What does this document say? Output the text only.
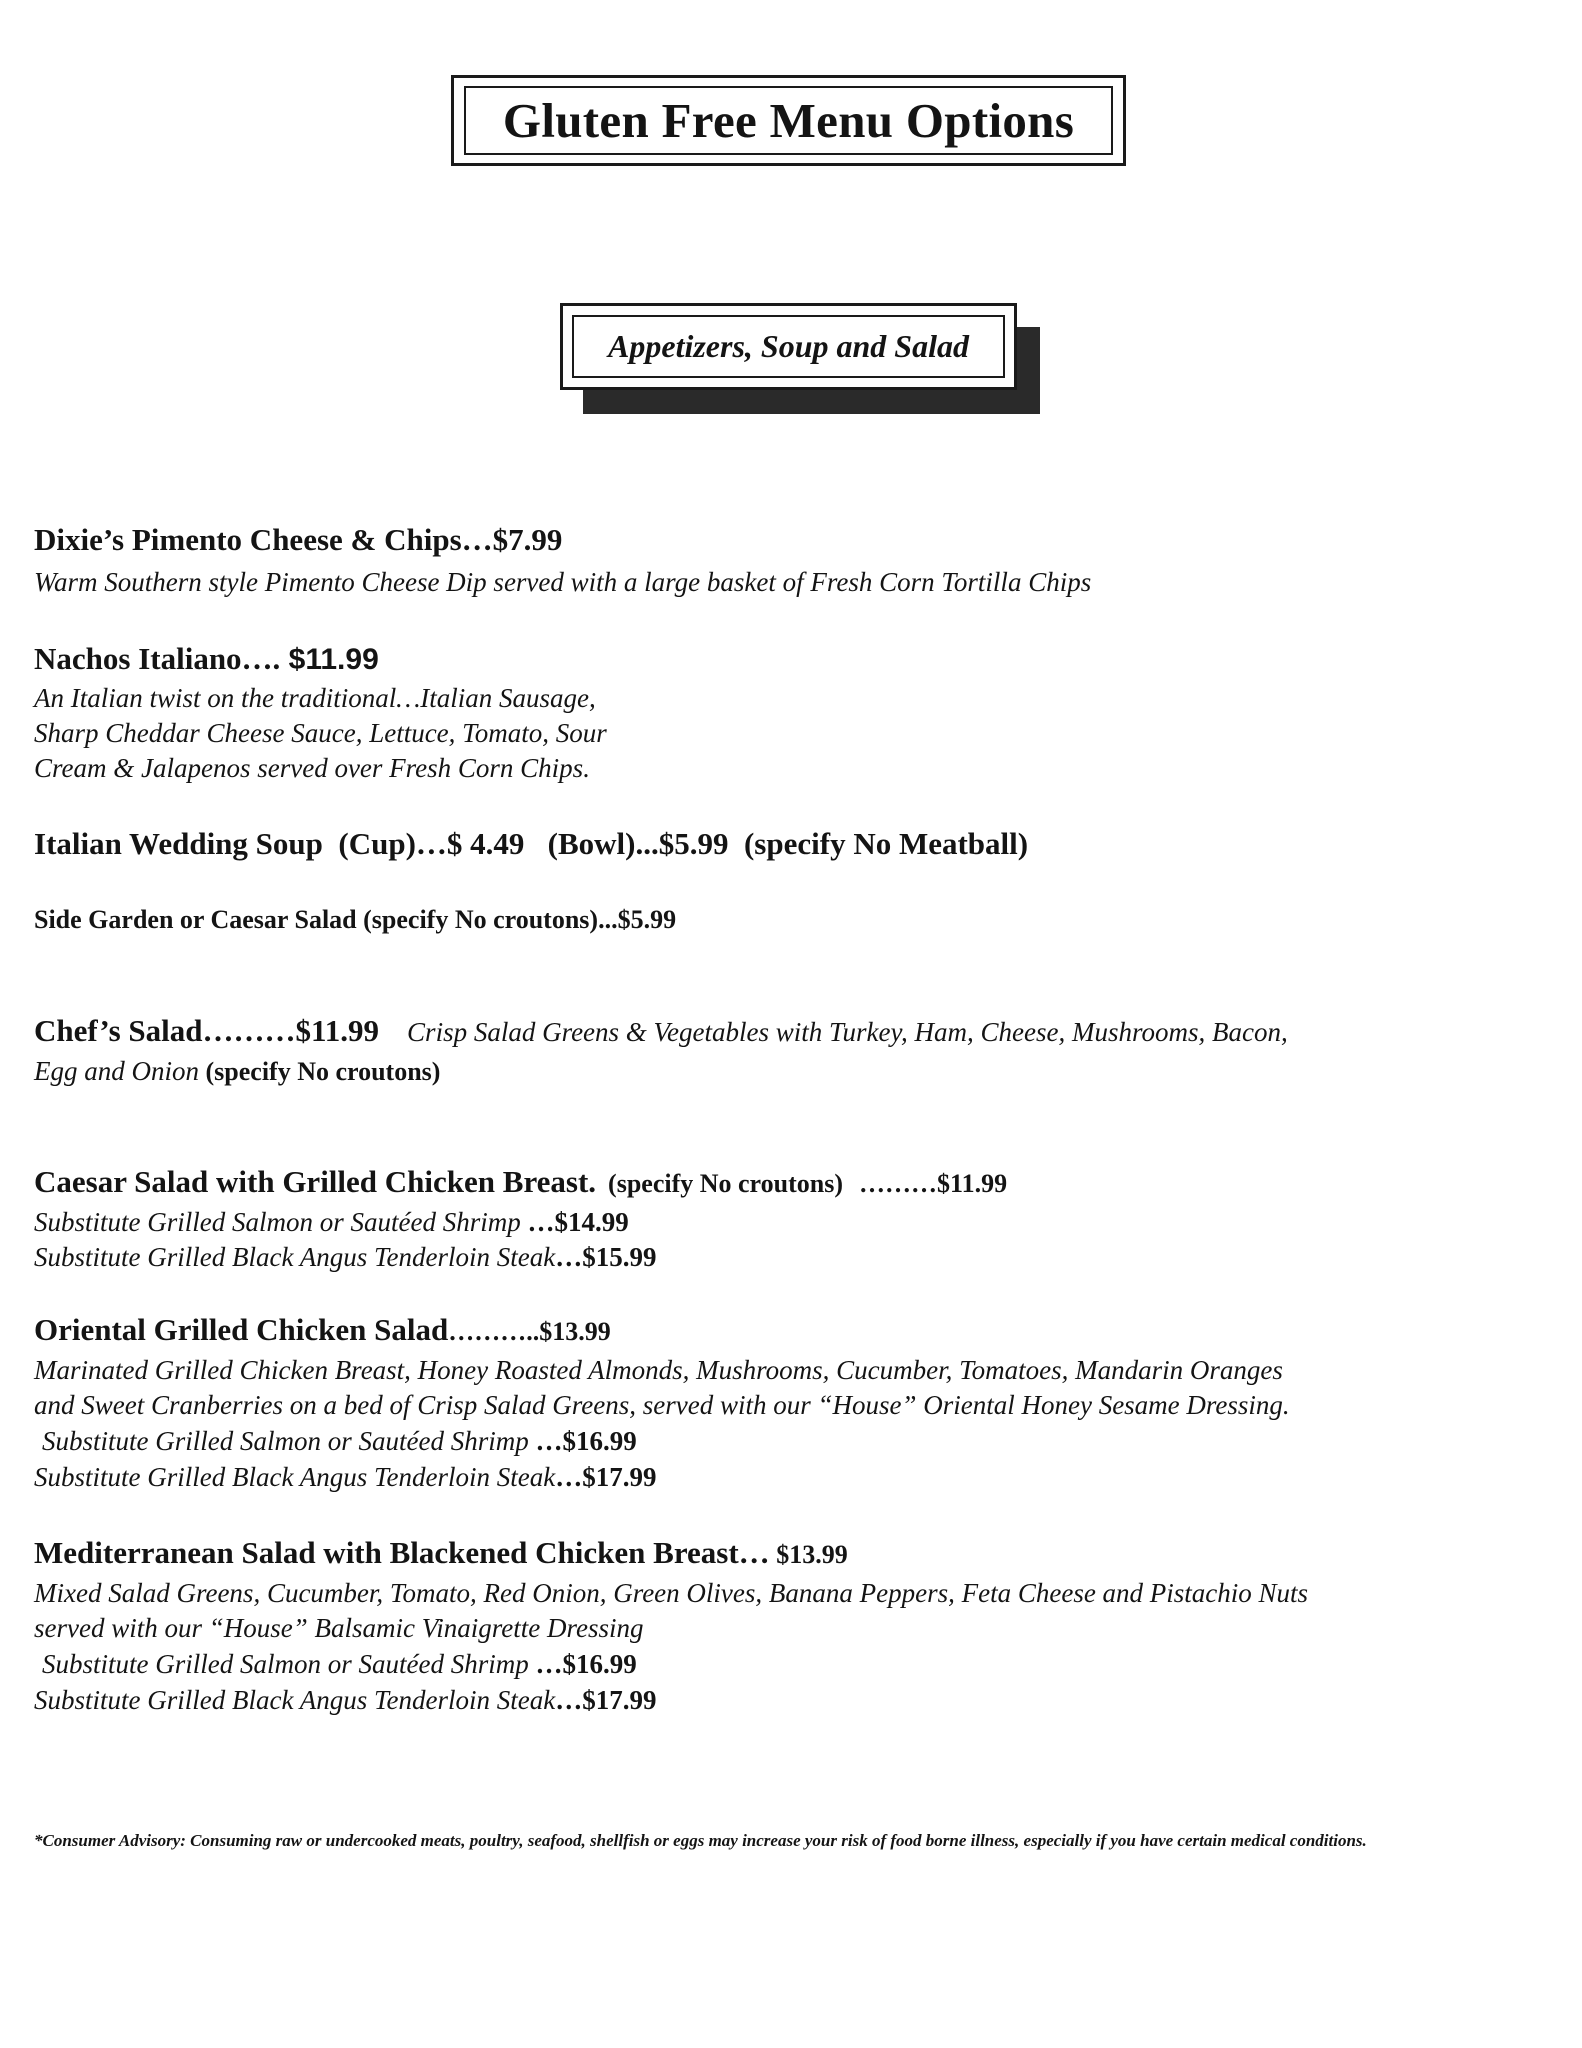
Gluten Free Menu Options
Appetizers, Soup and Salad
Dixie’s Pimento Cheese & Chips…$7.99
Warm Southern style Pimento Cheese Dip served with a large basket of Fresh Corn Tortilla Chips
Nachos Italiano…. $11.99
An Italian twist on the traditional…Italian Sausage,
Sharp Cheddar Cheese Sauce, Lettuce, Tomato, Sour
Cream & Jalapenos served over Fresh Corn Chips.
Italian Wedding Soup  (Cup)…$ 4.49   (Bowl)...$5.99  (specify No Meatball)
Side Garden or Caesar Salad (specify No croutons)...$5.99
Chef’s Salad………$11.99 Crisp Salad Greens & Vegetables with Turkey, Ham, Cheese, Mushrooms, Bacon,
Egg and Onion (specify No croutons)
Caesar Salad with Grilled Chicken Breast. (specify No croutons) ………$11.99
Substitute Grilled Salmon or Sautéed Shrimp …$14.99
Substitute Grilled Black Angus Tenderloin Steak…$15.99
Oriental Grilled Chicken Salad………..$13.99
Marinated Grilled Chicken Breast, Honey Roasted Almonds, Mushrooms, Cucumber, Tomatoes, Mandarin Oranges
and Sweet Cranberries on a bed of Crisp Salad Greens, served with our “House” Oriental Honey Sesame Dressing.
Substitute Grilled Salmon or Sautéed Shrimp …$16.99
Substitute Grilled Black Angus Tenderloin Steak…$17.99
Mediterranean Salad with Blackened Chicken Breast… $13.99
Mixed Salad Greens, Cucumber, Tomato, Red Onion, Green Olives, Banana Peppers, Feta Cheese and Pistachio Nuts
served with our “House” Balsamic Vinaigrette Dressing
Substitute Grilled Salmon or Sautéed Shrimp …$16.99
Substitute Grilled Black Angus Tenderloin Steak…$17.99
*Consumer Advisory: Consuming raw or undercooked meats, poultry, seafood, shellfish or eggs may increase your risk of food borne illness, especially if you have certain medical conditions.
